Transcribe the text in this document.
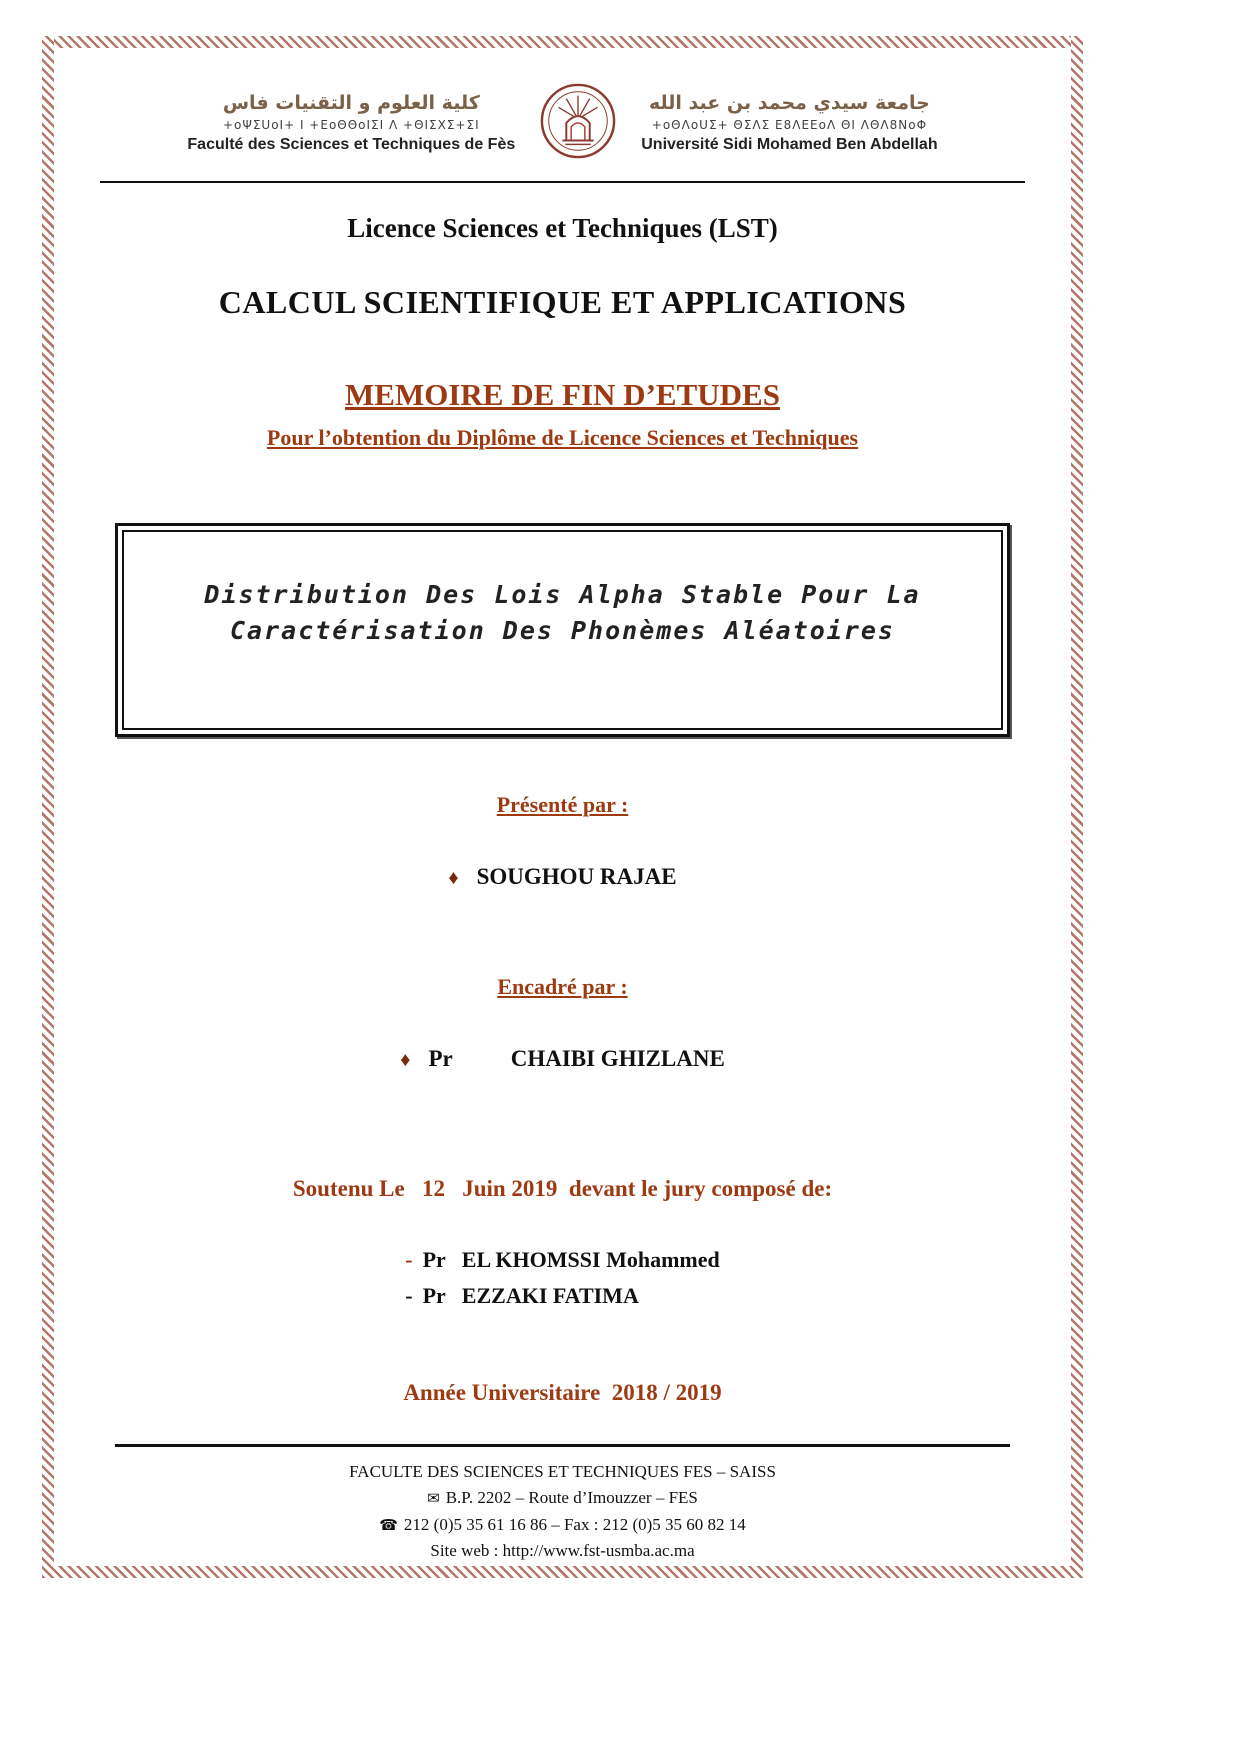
كلية العلوم و التقنيات فاس
+oΨΣUoΙ+ Ι +ΕoΘΘoΙΣΙ Λ +ΘΙΣΧΣ+ΣΙ
Faculté des Sciences et Techniques de Fès
جامعة سيدي محمد بن عبد الله
+oΘΛoUΣ+ ΘΣΛΣ Ε8ΛΕΕoΛ ΘΙ ΛΘΛ8ΝoΦ
Université Sidi Mohamed Ben Abdellah
Licence Sciences et Techniques (LST)
CALCUL SCIENTIFIQUE ET APPLICATIONS
MEMOIRE DE FIN D’ETUDES
Pour l’obtention du Diplôme de Licence Sciences et Techniques
Distribution Des Lois Alpha Stable Pour La Caractérisation Des Phonèmes Aléatoires
Présenté par :
♦ SOUGHOU RAJAE
Encadré par :
♦ Pr	CHAIBI GHIZLANE
Soutenu Le   12   Juin 2019  devant le jury composé de:
- Pr EL KHOMSSI Mohammed
- Pr EZZAKI FATIMA
Année Universitaire  2018 / 2019
FACULTE DES SCIENCES ET TECHNIQUES FES – SAISS
✉ B.P. 2202 – Route d’Imouzzer – FES
☎ 212 (0)5 35 61 16 86 – Fax : 212 (0)5 35 60 82 14
Site web : http://www.fst-usmba.ac.ma
